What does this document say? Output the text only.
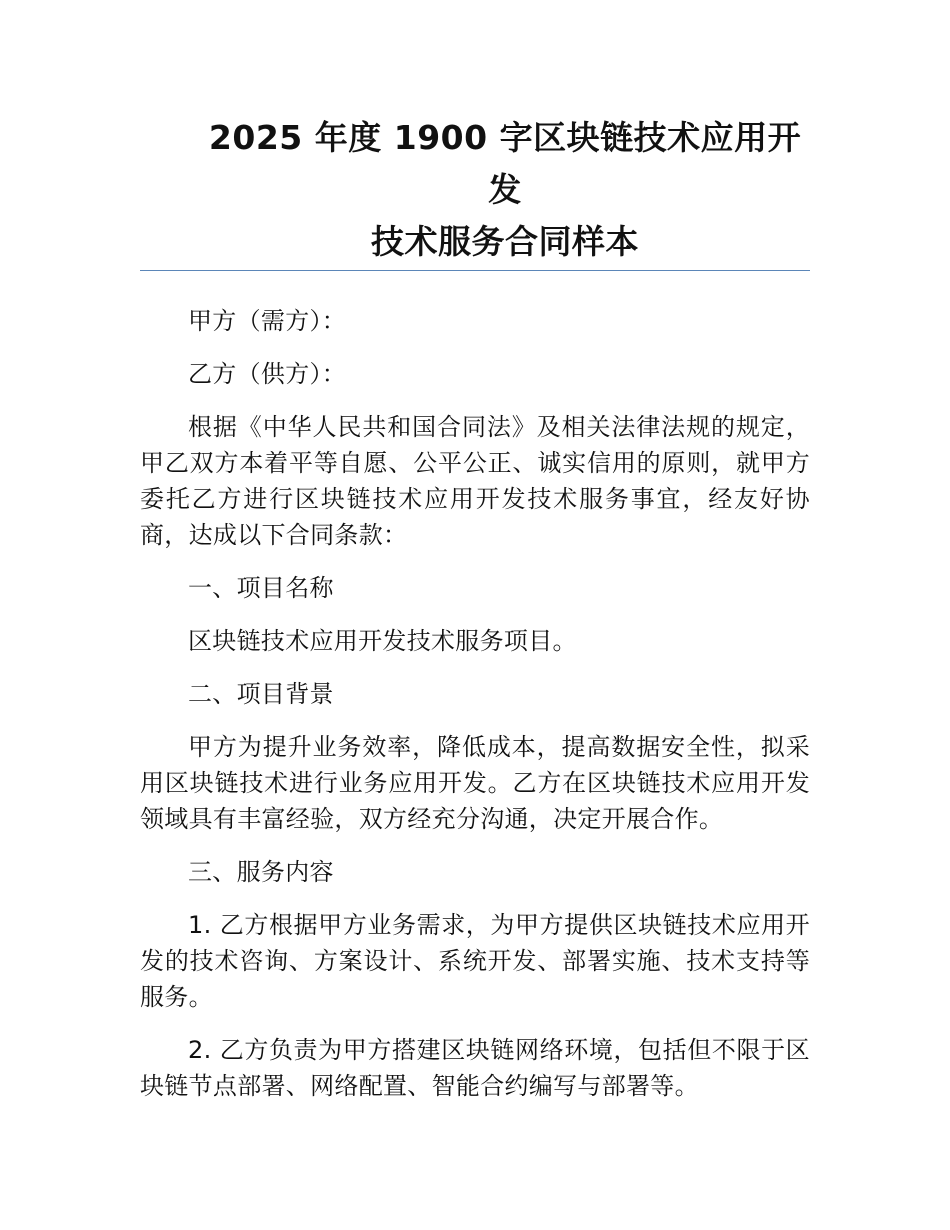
2025 年度 1900 字区块链技术应用开发
技术服务合同样本

甲方（需方）：

乙方（供方）：

根据《中华人民共和国合同法》及相关法律法规的规定，甲乙双方本着平等自愿、公平公正、诚实信用的原则，就甲方委托乙方进行区块链技术应用开发技术服务事宜，经友好协商，达成以下合同条款：

一、项目名称

区块链技术应用开发技术服务项目。

二、项目背景

甲方为提升业务效率，降低成本，提高数据安全性，拟采用区块链技术进行业务应用开发。乙方在区块链技术应用开发领域具有丰富经验，双方经充分沟通，决定开展合作。

三、服务内容

1. 乙方根据甲方业务需求，为甲方提供区块链技术应用开发的技术咨询、方案设计、系统开发、部署实施、技术支持等服务。

2. 乙方负责为甲方搭建区块链网络环境，包括但不限于区块链节点部署、网络配置、智能合约编写与部署等。
